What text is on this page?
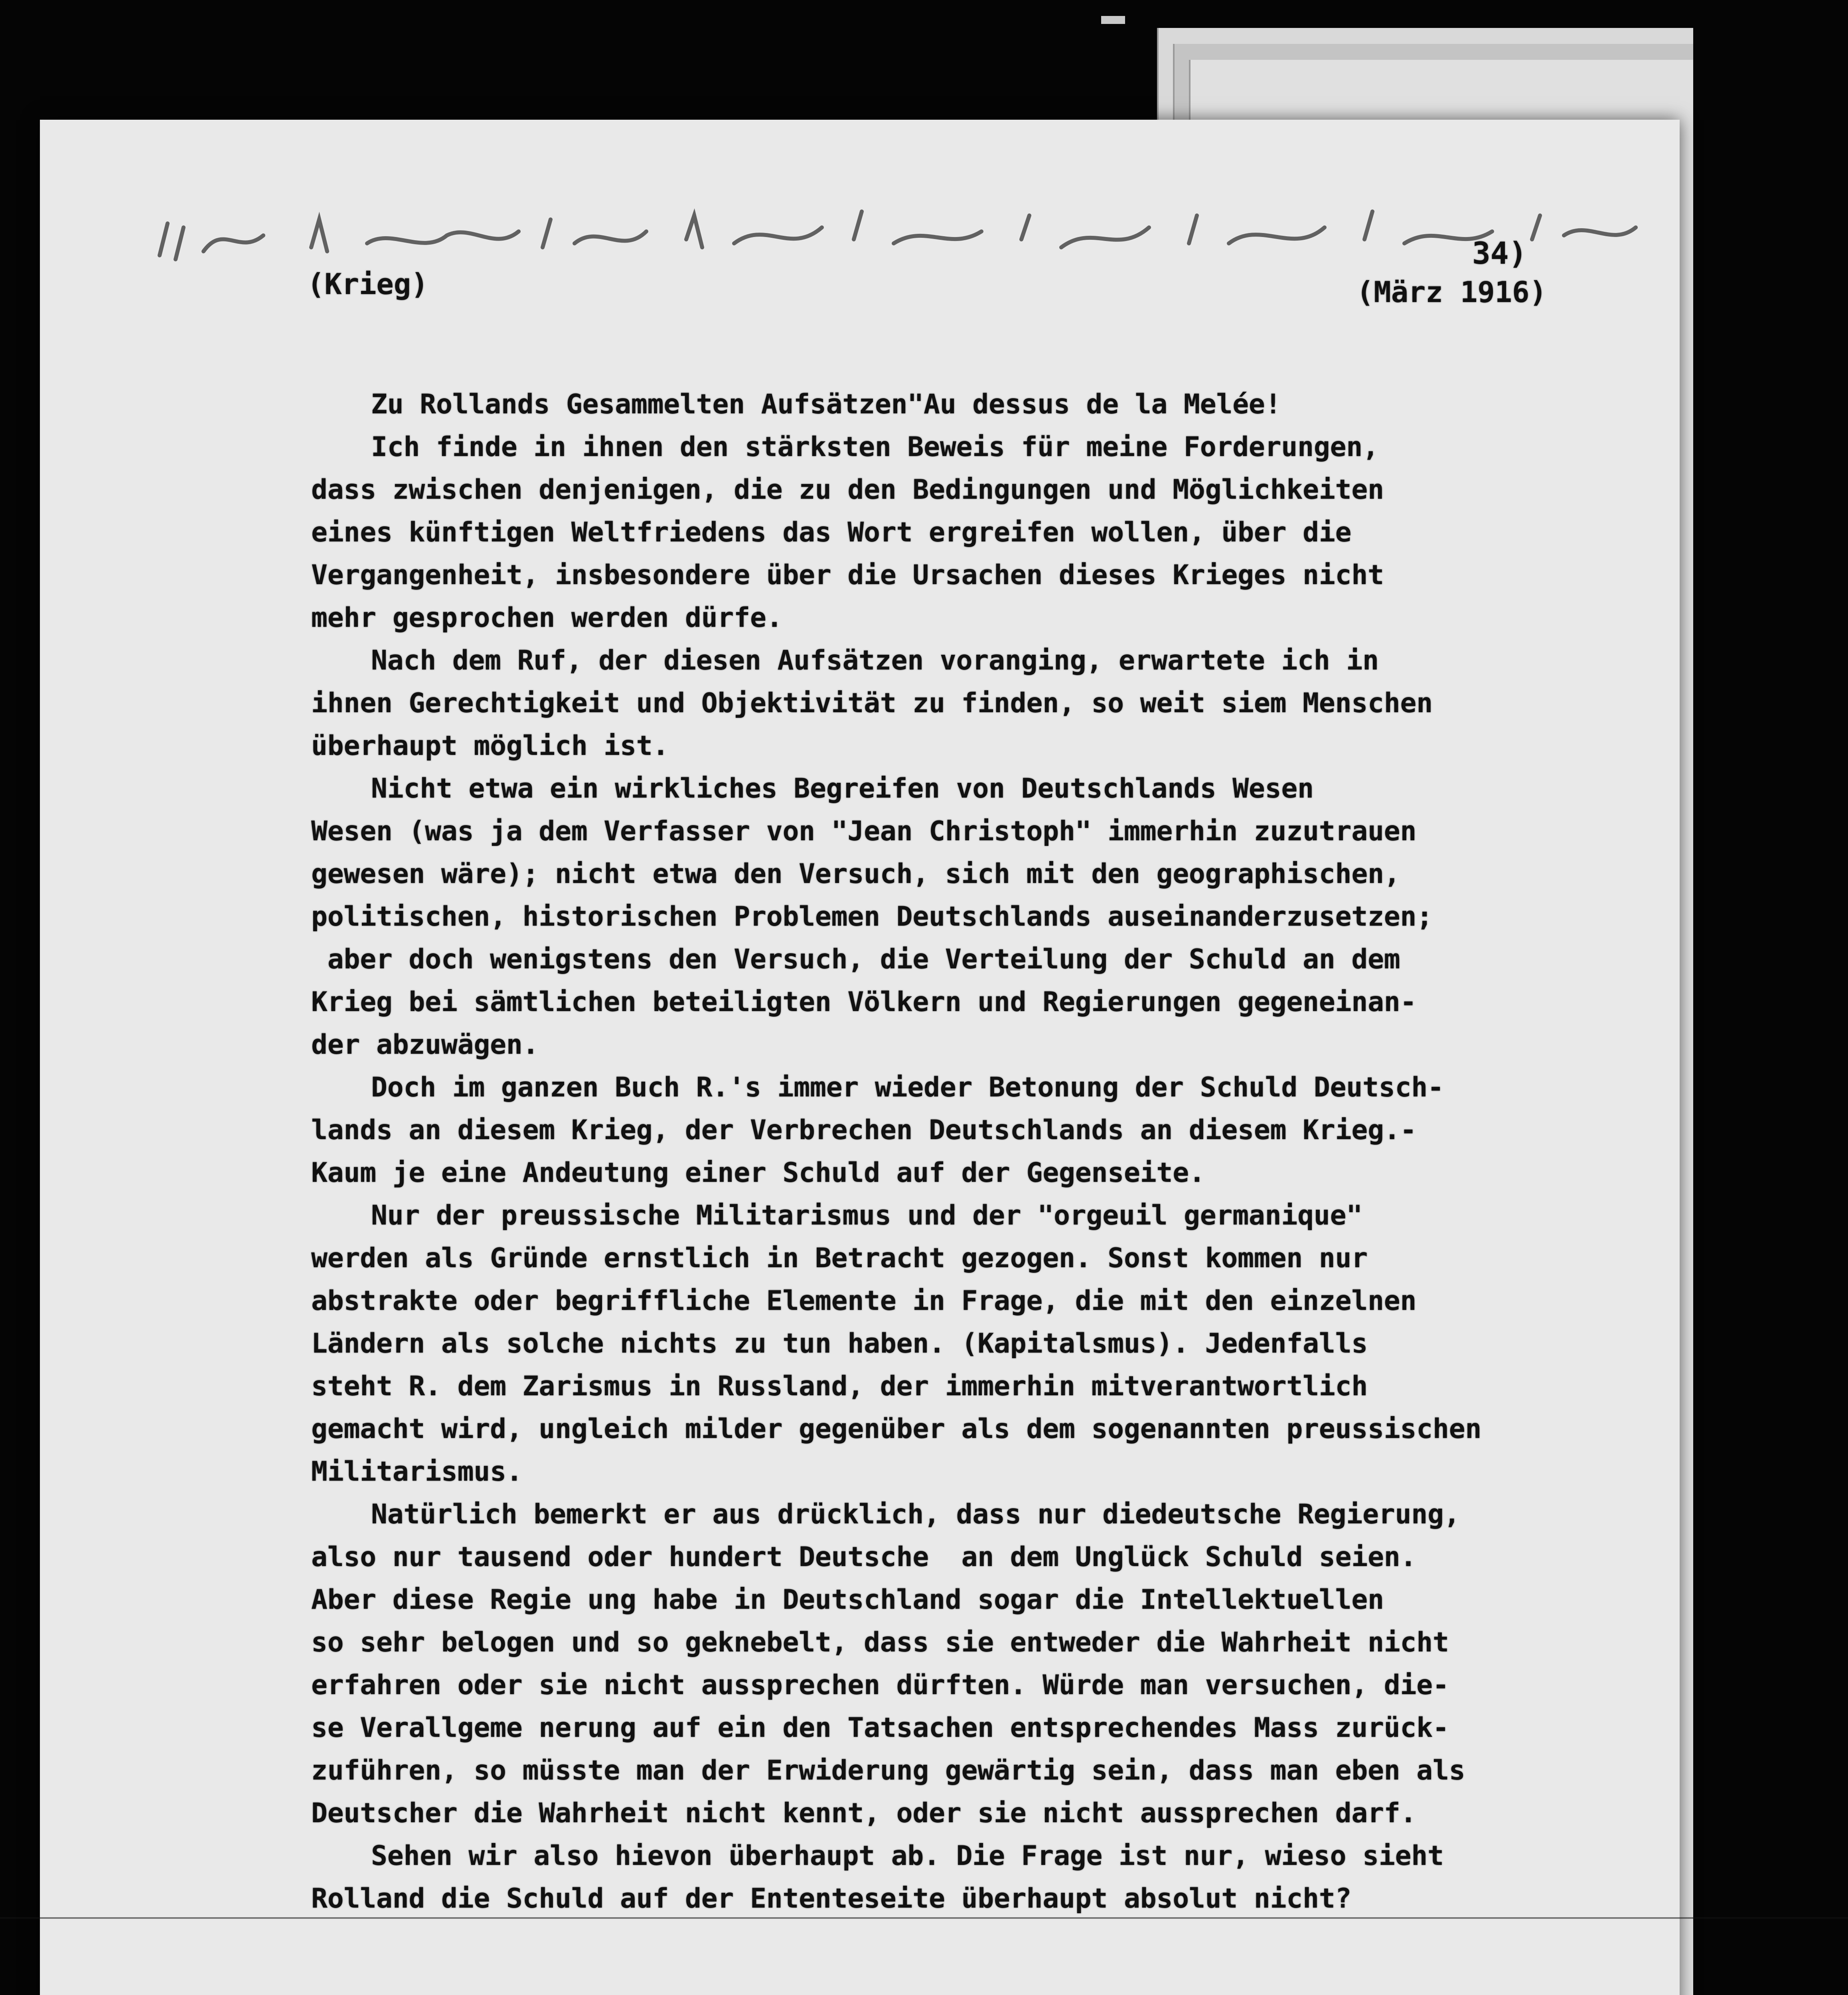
(Krieg)
34)
(März 1916)

Zu Rollands Gesammelten Aufsätzen"Au dessus de la Melée!

Ich finde in ihnen den stärksten Beweis für meine Forderungen,

dass zwischen denjenigen, die zu den Bedingungen und Möglichkeiten

eines künftigen Weltfriedens das Wort ergreifen wollen, über die

Vergangenheit, insbesondere über die Ursachen dieses Krieges nicht

mehr gesprochen werden dürfe.

Nach dem Ruf, der diesen Aufsätzen voranging, erwartete ich in

ihnen Gerechtigkeit und Objektivität zu finden, so weit siem Menschen

überhaupt möglich ist.

Nicht etwa ein wirkliches Begreifen von Deutschlands Wesen

Wesen (was ja dem Verfasser von "Jean Christoph" immerhin zuzutrauen

gewesen wäre); nicht etwa den Versuch, sich mit den geographischen,

politischen, historischen Problemen Deutschlands auseinanderzusetzen;

aber doch wenigstens den Versuch, die Verteilung der Schuld an dem

Krieg bei sämtlichen beteiligten Völkern und Regierungen gegeneinan-

der abzuwägen.

Doch im ganzen Buch R.'s immer wieder Betonung der Schuld Deutsch-

lands an diesem Krieg, der Verbrechen Deutschlands an diesem Krieg.-

Kaum je eine Andeutung einer Schuld auf der Gegenseite.

Nur der preussische Militarismus und der "orgeuil germanique"

werden als Gründe ernstlich in Betracht gezogen. Sonst kommen nur

abstrakte oder begriffliche Elemente in Frage, die mit den einzelnen

Ländern als solche nichts zu tun haben. (Kapitalsmus). Jedenfalls

steht R. dem Zarismus in Russland, der immerhin mitverantwortlich

gemacht wird, ungleich milder gegenüber als dem sogenannten preussischen

Militarismus.

Natürlich bemerkt er aus drücklich, dass nur diedeutsche Regierung,

also nur tausend oder hundert Deutsche  an dem Unglück Schuld seien.

Aber diese Regie ung habe in Deutschland sogar die Intellektuellen

so sehr belogen und so geknebelt, dass sie entweder die Wahrheit nicht

erfahren oder sie nicht aussprechen dürften. Würde man versuchen, die-

se Verallgeme nerung auf ein den Tatsachen entsprechendes Mass zurück-

zuführen, so müsste man der Erwiderung gewärtig sein, dass man eben als

Deutscher die Wahrheit nicht kennt, oder sie nicht aussprechen darf.

Sehen wir also hievon überhaupt ab. Die Frage ist nur, wieso sieht

Rolland die Schuld auf der Ententeseite überhaupt absolut nicht?
